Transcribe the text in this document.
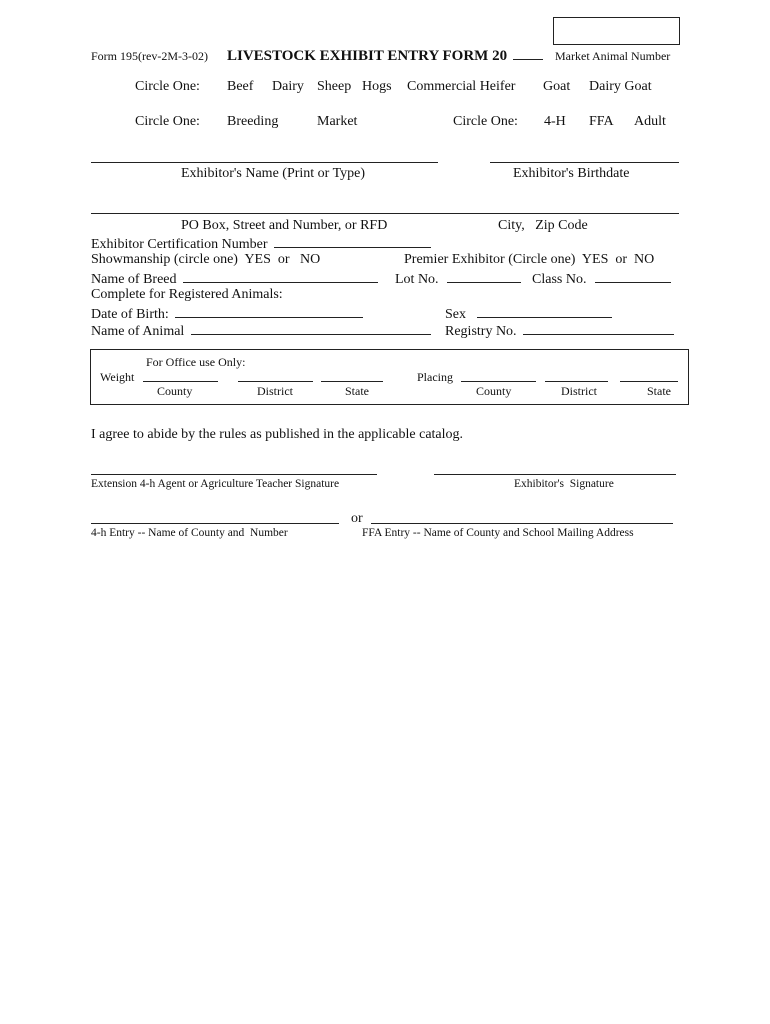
Form 195(rev-2M-3-02) LIVESTOCK EXHIBIT ENTRY FORM 20	Market Animal Number
Circle One: Beef Dairy Sheep Hogs Commercial Heifer Goat Dairy Goat
Circle One: Breeding	Market	Circle One: 4-H FFA Adult
Exhibitor's Name (Print or Type)	Exhibitor's Birthdate
PO Box, Street and Number, or RFD	City,   Zip Code
Exhibitor Certification Number
Showmanship (circle one)  YES  or   NO	Premier Exhibitor (Circle one)  YES  or  NO
Name of Breed	Lot No.	Class No.
Complete for Registered Animals:
Date of Birth:	Sex
Name of Animal	Registry No.
For Office use Only:
Weight
County	District	State
Placing
County	District	State
I agree to abide by the rules as published in the applicable catalog.
Extension 4-h Agent or Agriculture Teacher Signature	Exhibitor's  Signature
or
4-h Entry -- Name of County and  Number	FFA Entry -- Name of County and School Mailing Address
